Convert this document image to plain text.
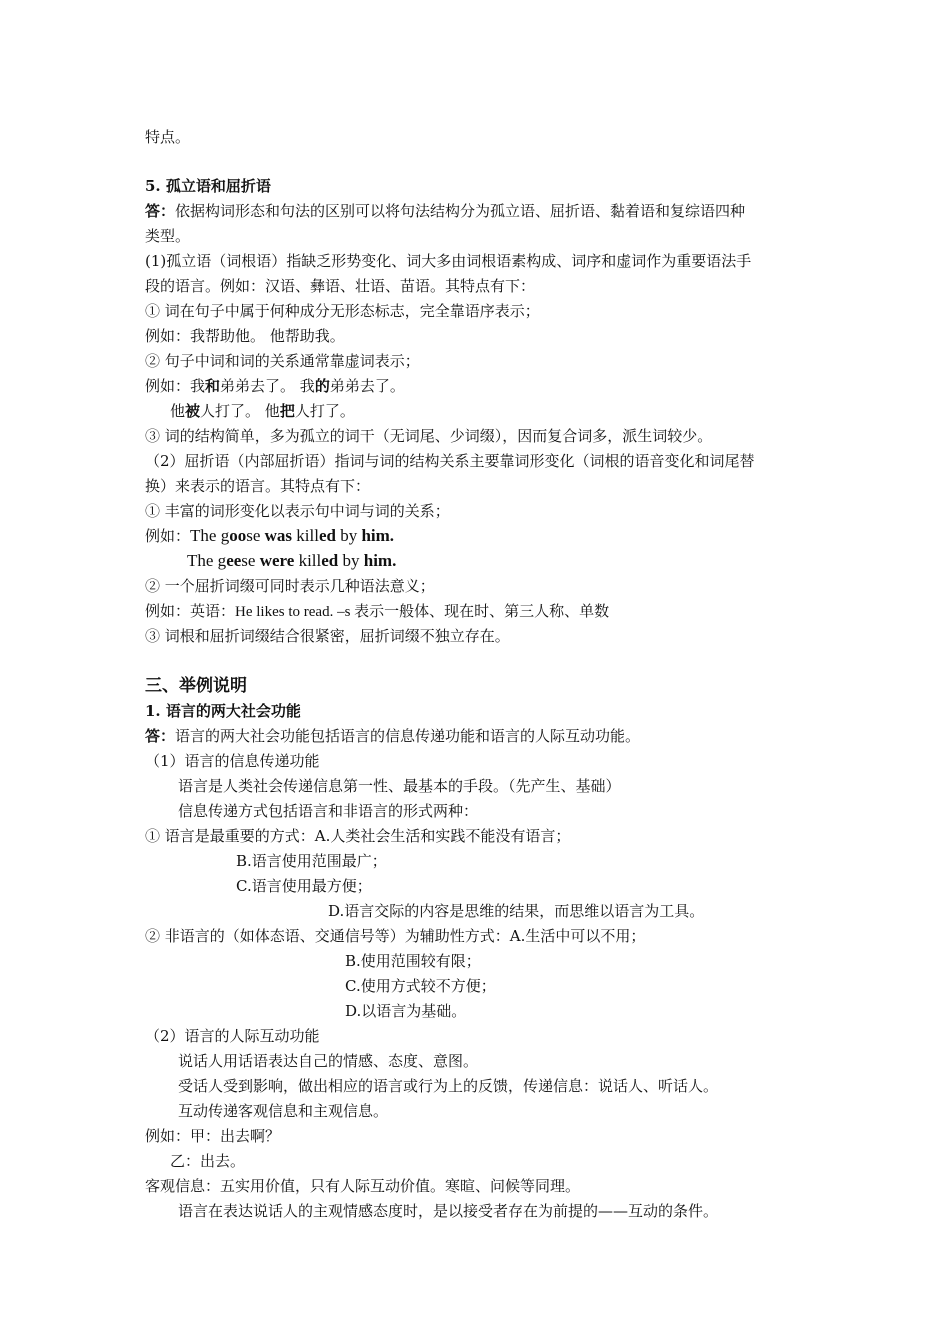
特点。
5. 孤立语和屈折语
答：依据构词形态和句法的区别可以将句法结构分为孤立语、屈折语、黏着语和复综语四种
类型。
(1)孤立语（词根语）指缺乏形势变化、词大多由词根语素构成、词序和虚词作为重要语法手
段的语言。例如：汉语、彝语、壮语、苗语。其特点有下：
① 词在句子中属于何种成分无形态标志，完全靠语序表示；
例如：我帮助他。 他帮助我。
② 句子中词和词的关系通常靠虚词表示；
例如：我和弟弟去了。 我的弟弟去了。
他被人打了。 他把人打了。
③ 词的结构简单，多为孤立的词干（无词尾、少词缀），因而复合词多，派生词较少。
（2）屈折语（内部屈折语）指词与词的结构关系主要靠词形变化（词根的语音变化和词尾替
换）来表示的语言。其特点有下：
① 丰富的词形变化以表示句中词与词的关系；
例如：The goose was killed by him.
The geese were killed by him.
② 一个屈折词缀可同时表示几种语法意义；
例如：英语：He likes to read. –s 表示一般体、现在时、第三人称、单数
③ 词根和屈折词缀结合很紧密，屈折词缀不独立存在。
三、举例说明
1. 语言的两大社会功能
答：语言的两大社会功能包括语言的信息传递功能和语言的人际互动功能。
（1）语言的信息传递功能
语言是人类社会传递信息第一性、最基本的手段。（先产生、基础）
信息传递方式包括语言和非语言的形式两种：
① 语言是最重要的方式：A.人类社会生活和实践不能没有语言；
B.语言使用范围最广；
C.语言使用最方便；
D.语言交际的内容是思维的结果，而思维以语言为工具。
② 非语言的（如体态语、交通信号等）为辅助性方式：A.生活中可以不用；
B.使用范围较有限；
C.使用方式较不方便；
D.以语言为基础。
（2）语言的人际互动功能
说话人用话语表达自己的情感、态度、意图。
受话人受到影响，做出相应的语言或行为上的反馈，传递信息：说话人、听话人。
互动传递客观信息和主观信息。
例如：甲：出去啊？
乙：出去。
客观信息：五实用价值，只有人际互动价值。寒暄、问候等同理。
语言在表达说话人的主观情感态度时，是以接受者存在为前提的——互动的条件。
